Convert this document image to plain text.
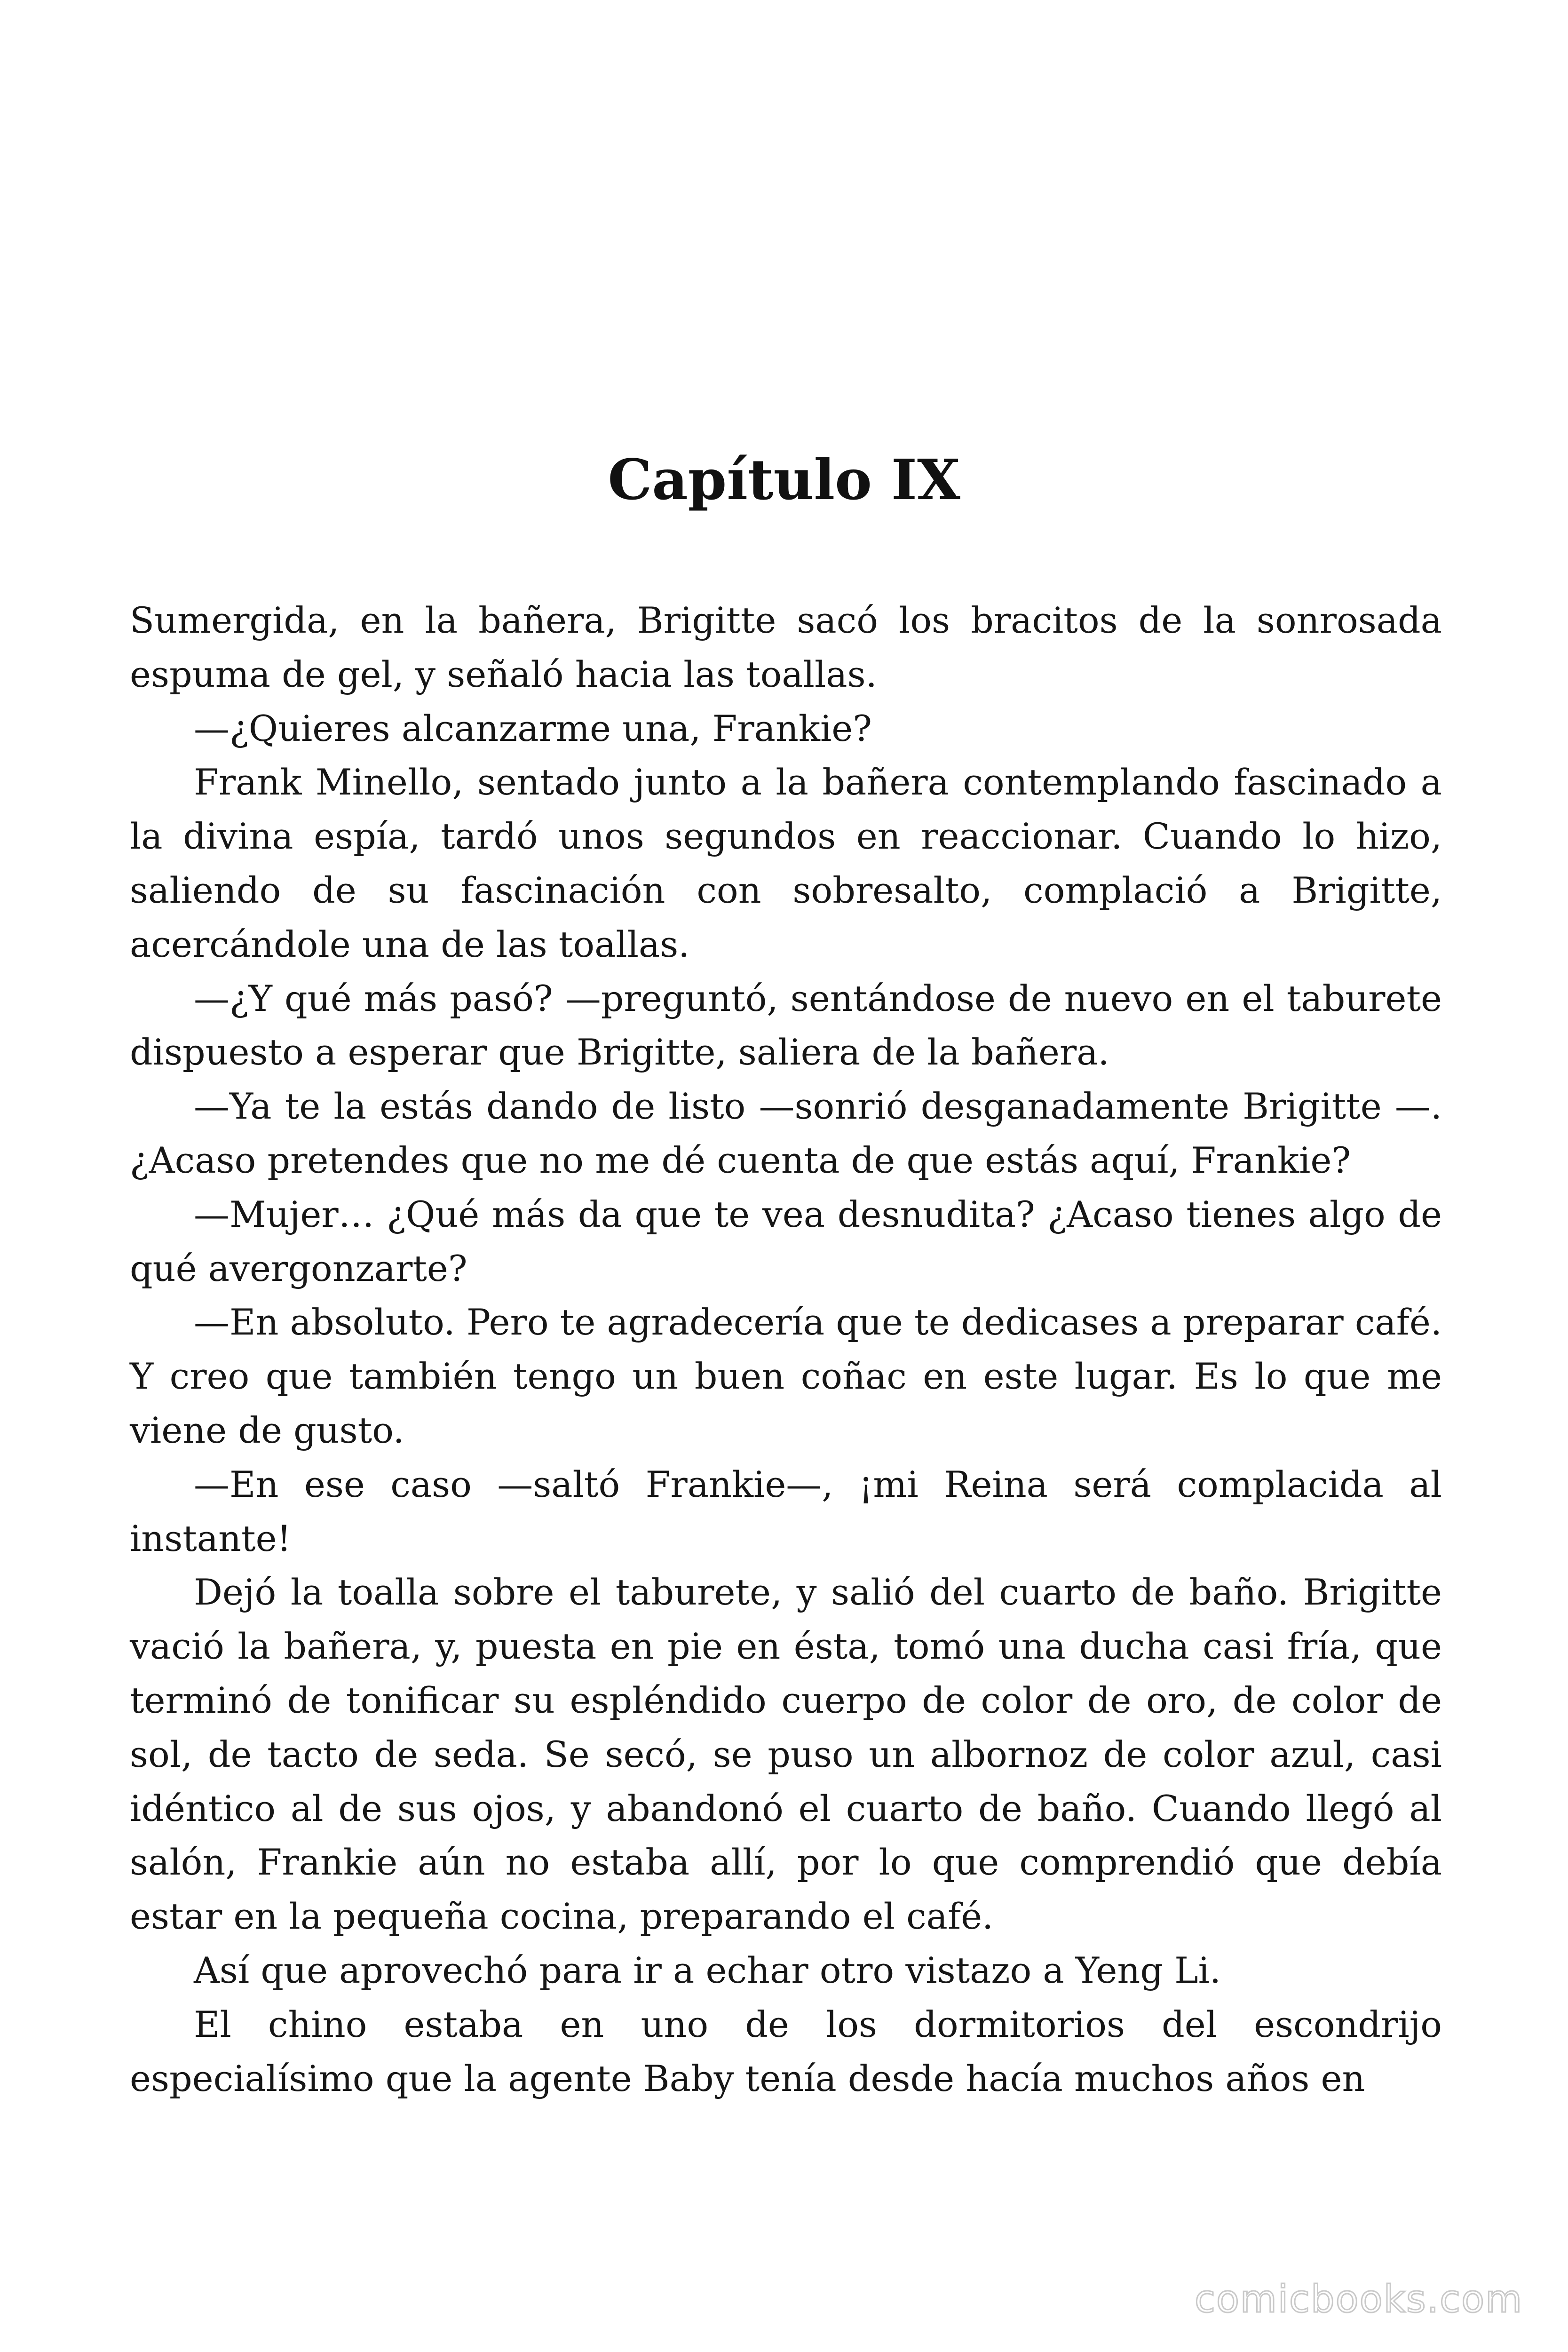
Capítulo IX

Sumergida, en la bañera, Brigitte sacó los bracitos de la sonrosada espuma de gel, y señaló hacia las toallas.

—¿Quieres alcanzarme una, Frankie?

Frank Minello, sentado junto a la bañera contemplando fascinado a la divina espía, tardó unos segundos en reaccionar. Cuando lo hizo, saliendo de su fascinación con sobresalto, complació a Brigitte, acercándole una de las toallas.

—¿Y qué más pasó? —preguntó, sentándose de nuevo en el taburete dispuesto a esperar que Brigitte, saliera de la bañera.

—Ya te la estás dando de listo —sonrió desganadamente Brigitte —. ¿Acaso pretendes que no me dé cuenta de que estás aquí, Frankie?

—Mujer… ¿Qué más da que te vea desnudita? ¿Acaso tienes algo de qué avergonzarte?

—En absoluto. Pero te agradecería que te dedicases a preparar café. Y creo que también tengo un buen coñac en este lugar. Es lo que me viene de gusto.

—En ese caso —saltó Frankie—, ¡mi Reina será complacida al instante!

Dejó la toalla sobre el taburete, y salió del cuarto de baño. Brigitte vació la bañera, y, puesta en pie en ésta, tomó una ducha casi fría, que terminó de tonificar su espléndido cuerpo de color de oro, de color de sol, de tacto de seda. Se secó, se puso un albornoz de color azul, casi idéntico al de sus ojos, y abandonó el cuarto de baño. Cuando llegó al salón, Frankie aún no estaba allí, por lo que comprendió que debía estar en la pequeña cocina, preparando el café.

Así que aprovechó para ir a echar otro vistazo a Yeng Li.

El chino estaba en uno de los dormitorios del escondrijo especialísimo que la agente Baby tenía desde hacía muchos años en

comicbooks.com
